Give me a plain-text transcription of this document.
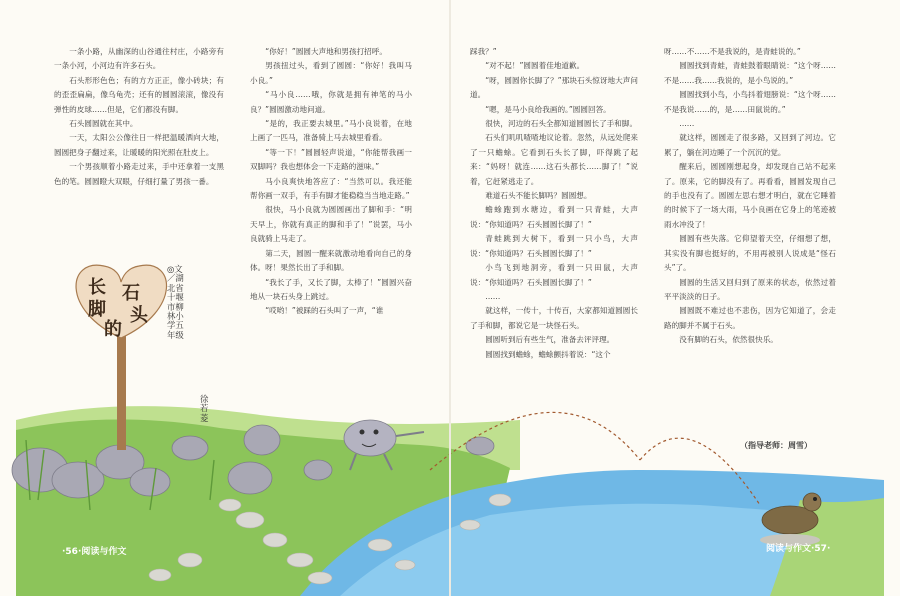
长
脚
的
石
头
◎文／湖北省十堰市柳林小学五年级
徐若菱

一条小路，从幽深的山谷通往村庄，小路旁有一条小河，小河边有许多石头。

石头形形色色；有的方方正正，像小砖块；有的歪歪扁扁，像乌龟壳；还有的圆圆滚滚，像没有弹性的皮球……但是，它们都没有脚。

石头圆圆就在其中。

一天，太阳公公像往日一样把温暖洒向大地，圆圆把身子翻过来，让暖暖的阳光照在肚皮上。

一个男孩顺着小路走过来，手中还拿着一支黑色的笔。圆圆瞪大双眼，仔细打量了男孩一番。

“你好！”圆圆大声地和男孩打招呼。

男孩扭过头，看到了圆圆：“你好！我叫马小良。”

“马小良……哦，你就是拥有神笔的马小良？”圆圆激动地问道。

“是的，我正要去城里。”马小良说着，在地上画了一匹马，准备骑上马去城里看看。

“等一下！”圆圆轻声说道，“你能帮我画一双脚吗？我也想体会一下走路的滋味。”

马小良爽快地答应了：“当然可以。我还能帮你画一双手，有手有脚才能稳稳当当地走路。”

很快，马小良就为圆圆画出了脚和手：“明天早上，你就有真正的脚和手了！”说罢，马小良就骑上马走了。

第二天，圆圆一醒来就激动地看向自己的身体。呀！果然长出了手和脚。

“我长了手，又长了脚，太棒了！”圆圆兴奋地从一块石头身上跳过。

“哎哟！”被踩的石头叫了一声，“谁

踩我？”

“对不起！”圆圆着佳地道歉。

“呀，圆圆你长脚了？”那块石头惊讶地大声问道。

“嗯，是马小良给我画的。”圆圆回答。

很快，河边的石头全都知道圆圆长了手和脚。

石头们叽叽喳喳地议论着。忽然，从远处爬来了一只蟾蜍。它看到石头长了脚，吓得跳了起来：“妈呀！就连……这石头都长……脚了！”说着，它赶紧逃走了。

难道石头不能长脚吗？圆圆想。

蟾蜍跑到水塘边，看到一只青蛙，大声说：“你知道吗？石头圆圆长脚了！”

青蛙跳到大树下，看到一只小鸟，大声说：“你知道吗？石头圆圆长脚了！”

小鸟飞到地洞旁，看到一只田鼠，大声说：“你知道吗？石头圆圆长脚了！”

……

就这样，一传十，十传百，大家都知道圆圆长了手和脚，都说它是一块怪石头。

圆圆听到后有些生气，准备去评评理。

圆圆找到蟾蜍，蟾蜍颤抖着说：“这个

呀……不……不是我说的，是青蛙说的。”

圆圆找到青蛙，青蛙鼓着眼睛说：“这个呀……不是……我……我说的，是小鸟说的。”

圆圆找到小鸟，小鸟抖着翅膀说：“这个呀……不是我说……的，是……田鼠说的。”

……

就这样，圆圆走了很多路，又回到了河边。它累了，躺在河边睡了一个沉沉的觉。

醒来后，圆圆刚想起身，却发现自己站不起来了。原来，它的脚没有了。再看看，圆圆发现自己的手也没有了。圆圆左思右想才明白，就在它睡着的时候下了一场大雨，马小良画在它身上的笔迹被雨水冲没了！

圆圆有些失落。它仰望着天空，仔细想了想，其实没有脚也挺好的，不用再被别人说成是“怪石头”了。

圆圆的生活又回归到了原来的状态，依然过着平平淡淡的日子。

圆圆既不难过也不悲伤，因为它知道了，会走路的脚并不属于石头。

没有脚的石头，依然很快乐。

（指导老师：周雪）
·56·阅读与作文	阅读与作文·57·
